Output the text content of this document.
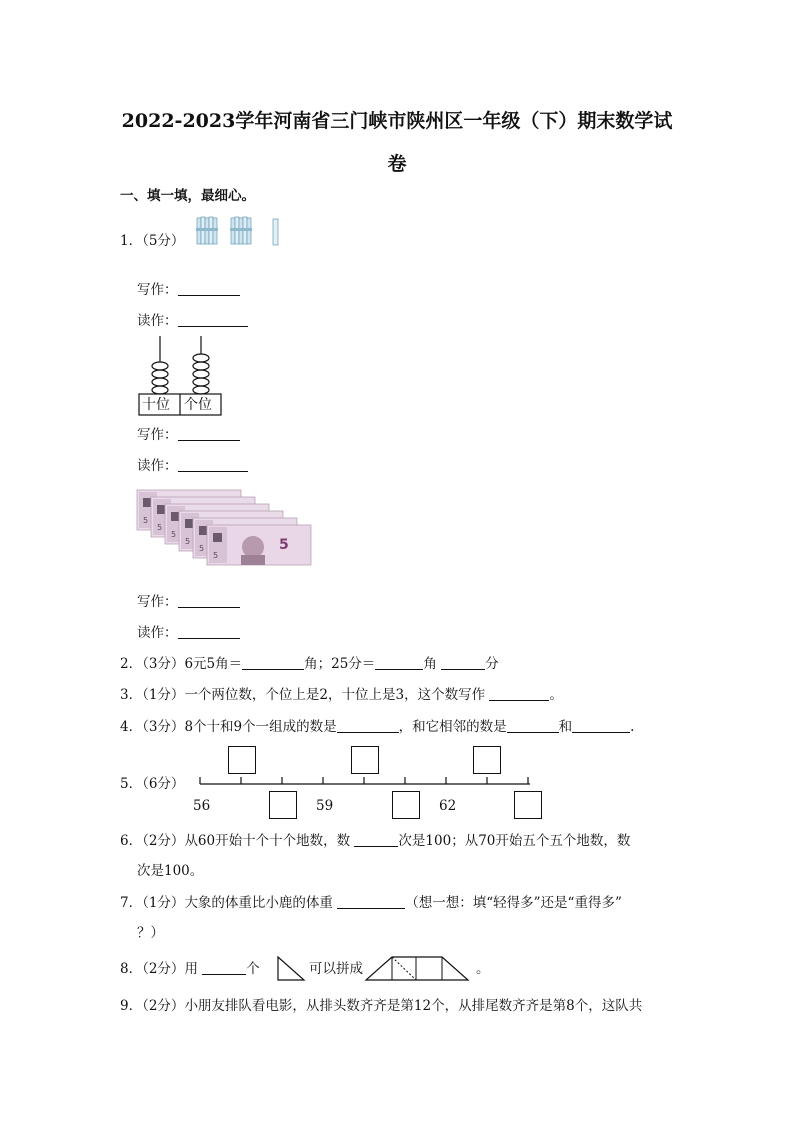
2022-2023学年河南省三门峡市陕州区一年级（下）期末数学试
卷
一、填一填，最细心。
1．（5分）
写作：
读作：
十位 个位
写作：
读作：
5
5
5
5
5
5
5
写作：
读作：
2．（3分）6元5角＝	角；25分＝	角	分
3．（1分）一个两位数，个位上是2，十位上是3，这个数写作	。
4．（3分）8个十和9个一组成的数是	，和它相邻的数是	和	.
5．（6分）
56	59	62
6．（2分）从60开始十个十个地数，数	次是100；从70开始五个五个地数，数
次是100。
7．（1分）大象的体重比小鹿的体重	（想一想：填“轻得多”还是“重得多”
？）
8．（2分）用	个	可以拼成	。
9．（2分）小朋友排队看电影，从排头数齐齐是第12个，从排尾数齐齐是第8个，这队共
